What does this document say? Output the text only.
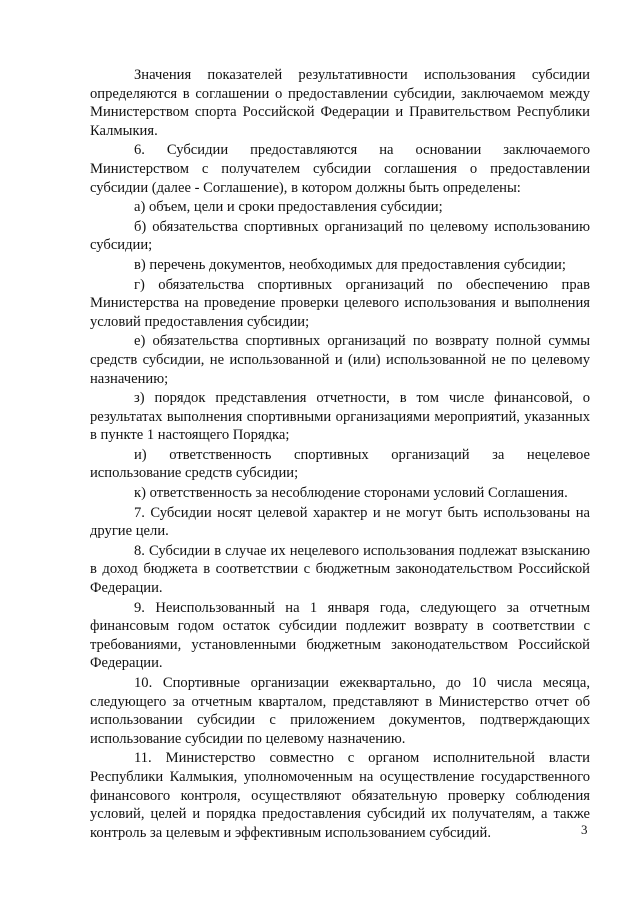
Значения показателей результативности использования субсидии определяются в соглашении о предоставлении субсидии, заключаемом между Министерством спорта Российской Федерации и Правительством Республики Калмыкия.

6. Субсидии предоставляются на основании заключаемого Министерством с получателем субсидии соглашения о предоставлении субсидии (далее - Соглашение), в котором должны быть определены:

а) объем, цели и сроки предоставления субсидии;

б) обязательства спортивных организаций по целевому использованию субсидии;

в) перечень документов, необходимых для предоставления субсидии;

г) обязательства спортивных организаций по обеспечению прав Министерства на проведение проверки целевого использования и выполнения условий предоставления субсидии;

е) обязательства спортивных организаций по возврату полной суммы средств субсидии, не использованной и (или) использованной не по целевому назначению;

з) порядок представления отчетности, в том числе финансовой, о результатах выполнения спортивными организациями мероприятий, указанных в пункте 1 настоящего Порядка;

и) ответственность спортивных организаций за нецелевое использование средств субсидии;

к) ответственность за несоблюдение сторонами условий Соглашения.

7. Субсидии носят целевой характер и не могут быть использованы на другие цели.

8. Субсидии в случае их нецелевого использования подлежат взысканию в доход бюджета в соответствии с бюджетным законодательством Российской Федерации.

9. Неиспользованный на 1 января года, следующего за отчетным финансовым годом остаток субсидии подлежит возврату в соответствии с требованиями, установленными бюджетным законодательством Российской Федерации.

10. Спортивные организации ежеквартально, до 10 числа месяца, следующего за отчетным кварталом, представляют в Министерство отчет об использовании субсидии с приложением документов, подтверждающих использование субсидии по целевому назначению.

11. Министерство совместно с органом исполнительной власти Республики Калмыкия, уполномоченным на осуществление государственного финансового контроля, осуществляют обязательную проверку соблюдения условий, целей и порядка предоставления субсидий их получателям, а также контроль за целевым и эффективным использованием субсидий.	3
